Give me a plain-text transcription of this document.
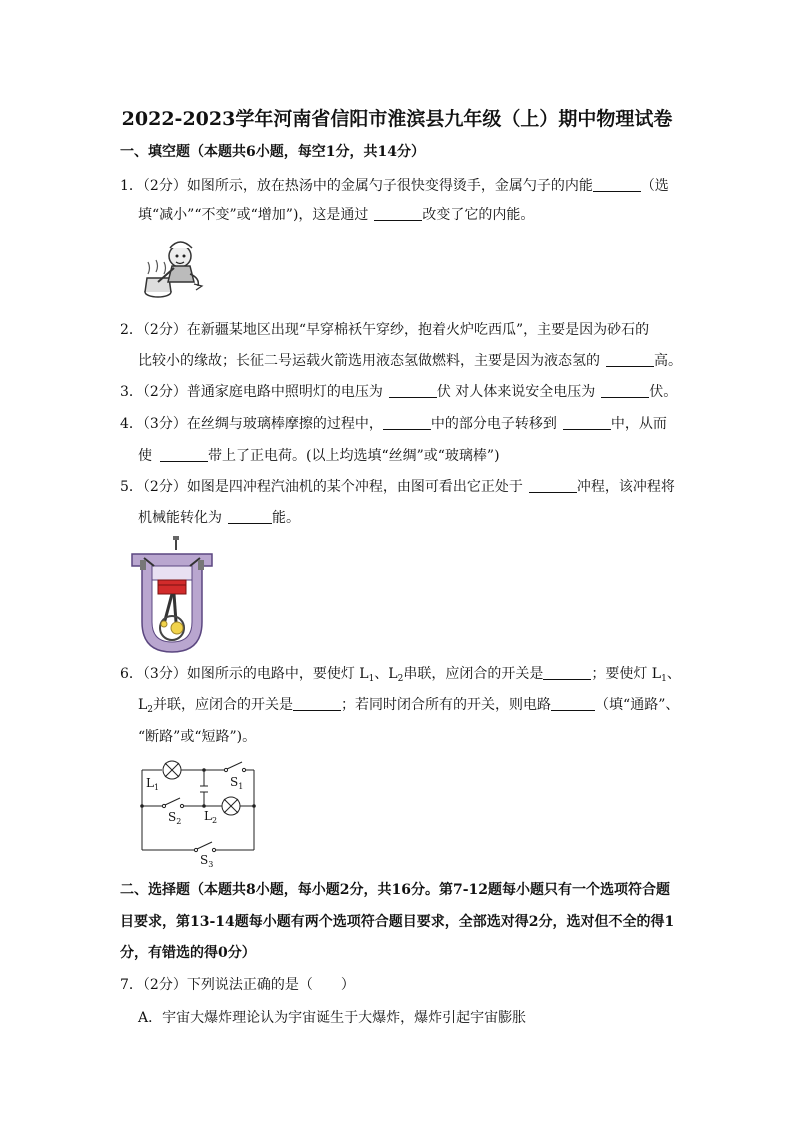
2022-2023学年河南省信阳市淮滨县九年级（上）期中物理试卷
一、填空题（本题共6小题，每空1分，共14分）
1．（2分）如图所示，放在热汤中的金属勺子很快变得烫手，金属勺子的内能	（选
填“减小”“不变”或“增加”)，这是通过	改变了它的内能。
2．（2分）在新疆某地区出现“早穿棉袄午穿纱，抱着火炉吃西瓜”，主要是因为砂石的
比较小的缘故；长征二号运载火箭选用液态氢做燃料，主要是因为液态氢的	高。
3．（2分）普通家庭电路中照明灯的电压为	伏 对人体来说安全电压为	伏。
4．（3分）在丝绸与玻璃棒摩擦的过程中，	中的部分电子转移到	中，从而
使	带上了正电荷。(以上均选填“丝绸”或“玻璃棒”)
5．（2分）如图是四冲程汽油机的某个冲程，由图可看出它正处于	冲程，该冲程将
机械能转化为	能。
6．（3分）如图所示的电路中，要使灯 $L_1$、$L_2$串联，应闭合的开关是	；要使灯 $L_1$、
$L_2$并联，应闭合的开关是	；若同时闭合所有的开关，则电路	（填“通路”、
“断路”或“短路”)。
$L_1$	$S_1$
$S_2$ $L_2$
$S_3$
二、选择题（本题共8小题，每小题2分，共16分。第7-12题每小题只有一个选项符合题
目要求，第13-14题每小题有两个选项符合题目要求，全部选对得2分，选对但不全的得1
分，有错选的得0分）
7．（2分）下列说法正确的是（　　）
A．宇宙大爆炸理论认为宇宙诞生于大爆炸，爆炸引起宇宙膨胀
